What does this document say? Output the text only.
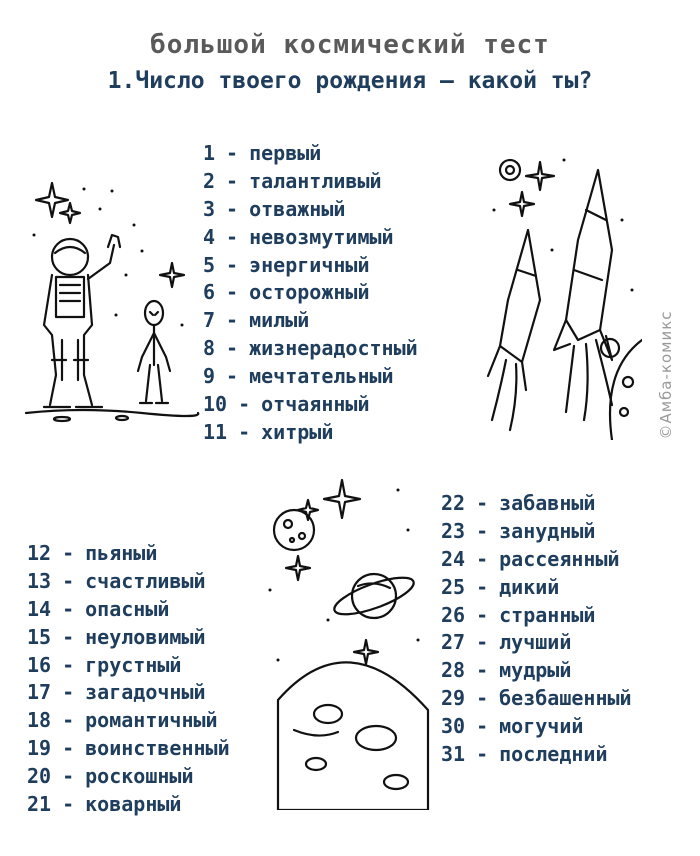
большой космический тест
1.Число твоего рождения — какой ты?
1 - первый
2 - талантливый
3 - отважный
4 - невозмутимый
5 - энергичный
6 - осторожный
7 - милый
8 - жизнерадостный
9 - мечтательный
10 - отчаянный
11 - хитрый
12 - пьяный
13 - счастливый
14 - опасный
15 - неуловимый
16 - грустный
17 - загадочный
18 - романтичный
19 - воинственный
20 - роскошный
21 - коварный
22 - забавный
23 - занудный
24 - рассеянный
25 - дикий
26 - странный
27 - лучший
28 - мудрый
29 - безбашенный
30 - могучий
31 - последний
©Амба-комикс
